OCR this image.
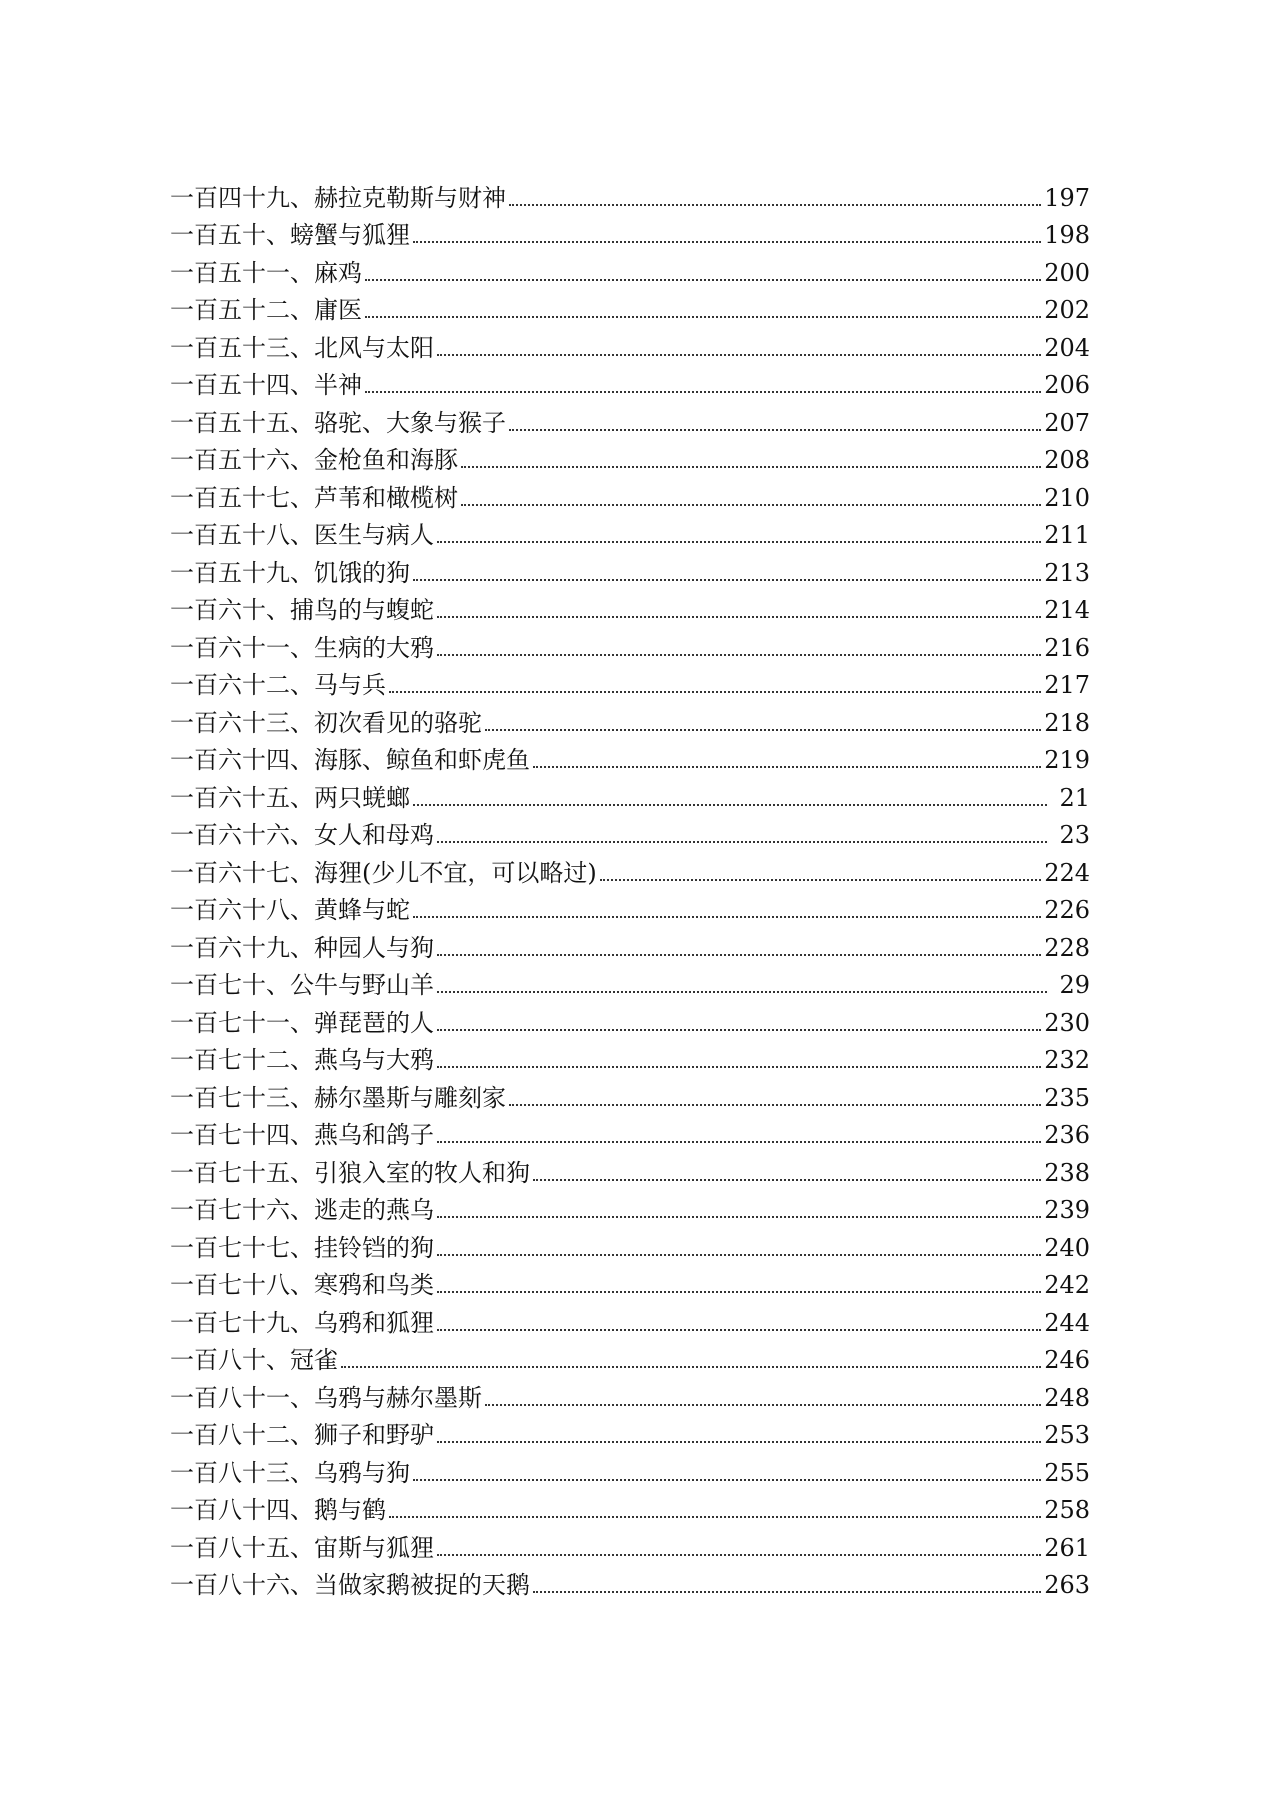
一百四十九、赫拉克勒斯与财神	197
一百五十、螃蟹与狐狸	198
一百五十一、麻鸡	200
一百五十二、庸医	202
一百五十三、北风与太阳	204
一百五十四、半神	206
一百五十五、骆驼、大象与猴子	207
一百五十六、金枪鱼和海豚	208
一百五十七、芦苇和橄榄树	210
一百五十八、医生与病人	211
一百五十九、饥饿的狗	213
一百六十、捕鸟的与蝮蛇	214
一百六十一、生病的大鸦	216
一百六十二、马与兵	217
一百六十三、初次看见的骆驼	218
一百六十四、海豚、鲸鱼和虾虎鱼	219
一百六十五、两只蜣螂	21
一百六十六、女人和母鸡	23
一百六十七、海狸(少儿不宜，可以略过)	224
一百六十八、黄蜂与蛇	226
一百六十九、种园人与狗	228
一百七十、公牛与野山羊	29
一百七十一、弹琵琶的人	230
一百七十二、燕乌与大鸦	232
一百七十三、赫尔墨斯与雕刻家	235
一百七十四、燕乌和鸽子	236
一百七十五、引狼入室的牧人和狗	238
一百七十六、逃走的燕乌	239
一百七十七、挂铃铛的狗	240
一百七十八、寒鸦和鸟类	242
一百七十九、乌鸦和狐狸	244
一百八十、冠雀	246
一百八十一、乌鸦与赫尔墨斯	248
一百八十二、狮子和野驴	253
一百八十三、乌鸦与狗	255
一百八十四、鹅与鹤	258
一百八十五、宙斯与狐狸	261
一百八十六、当做家鹅被捉的天鹅	263
